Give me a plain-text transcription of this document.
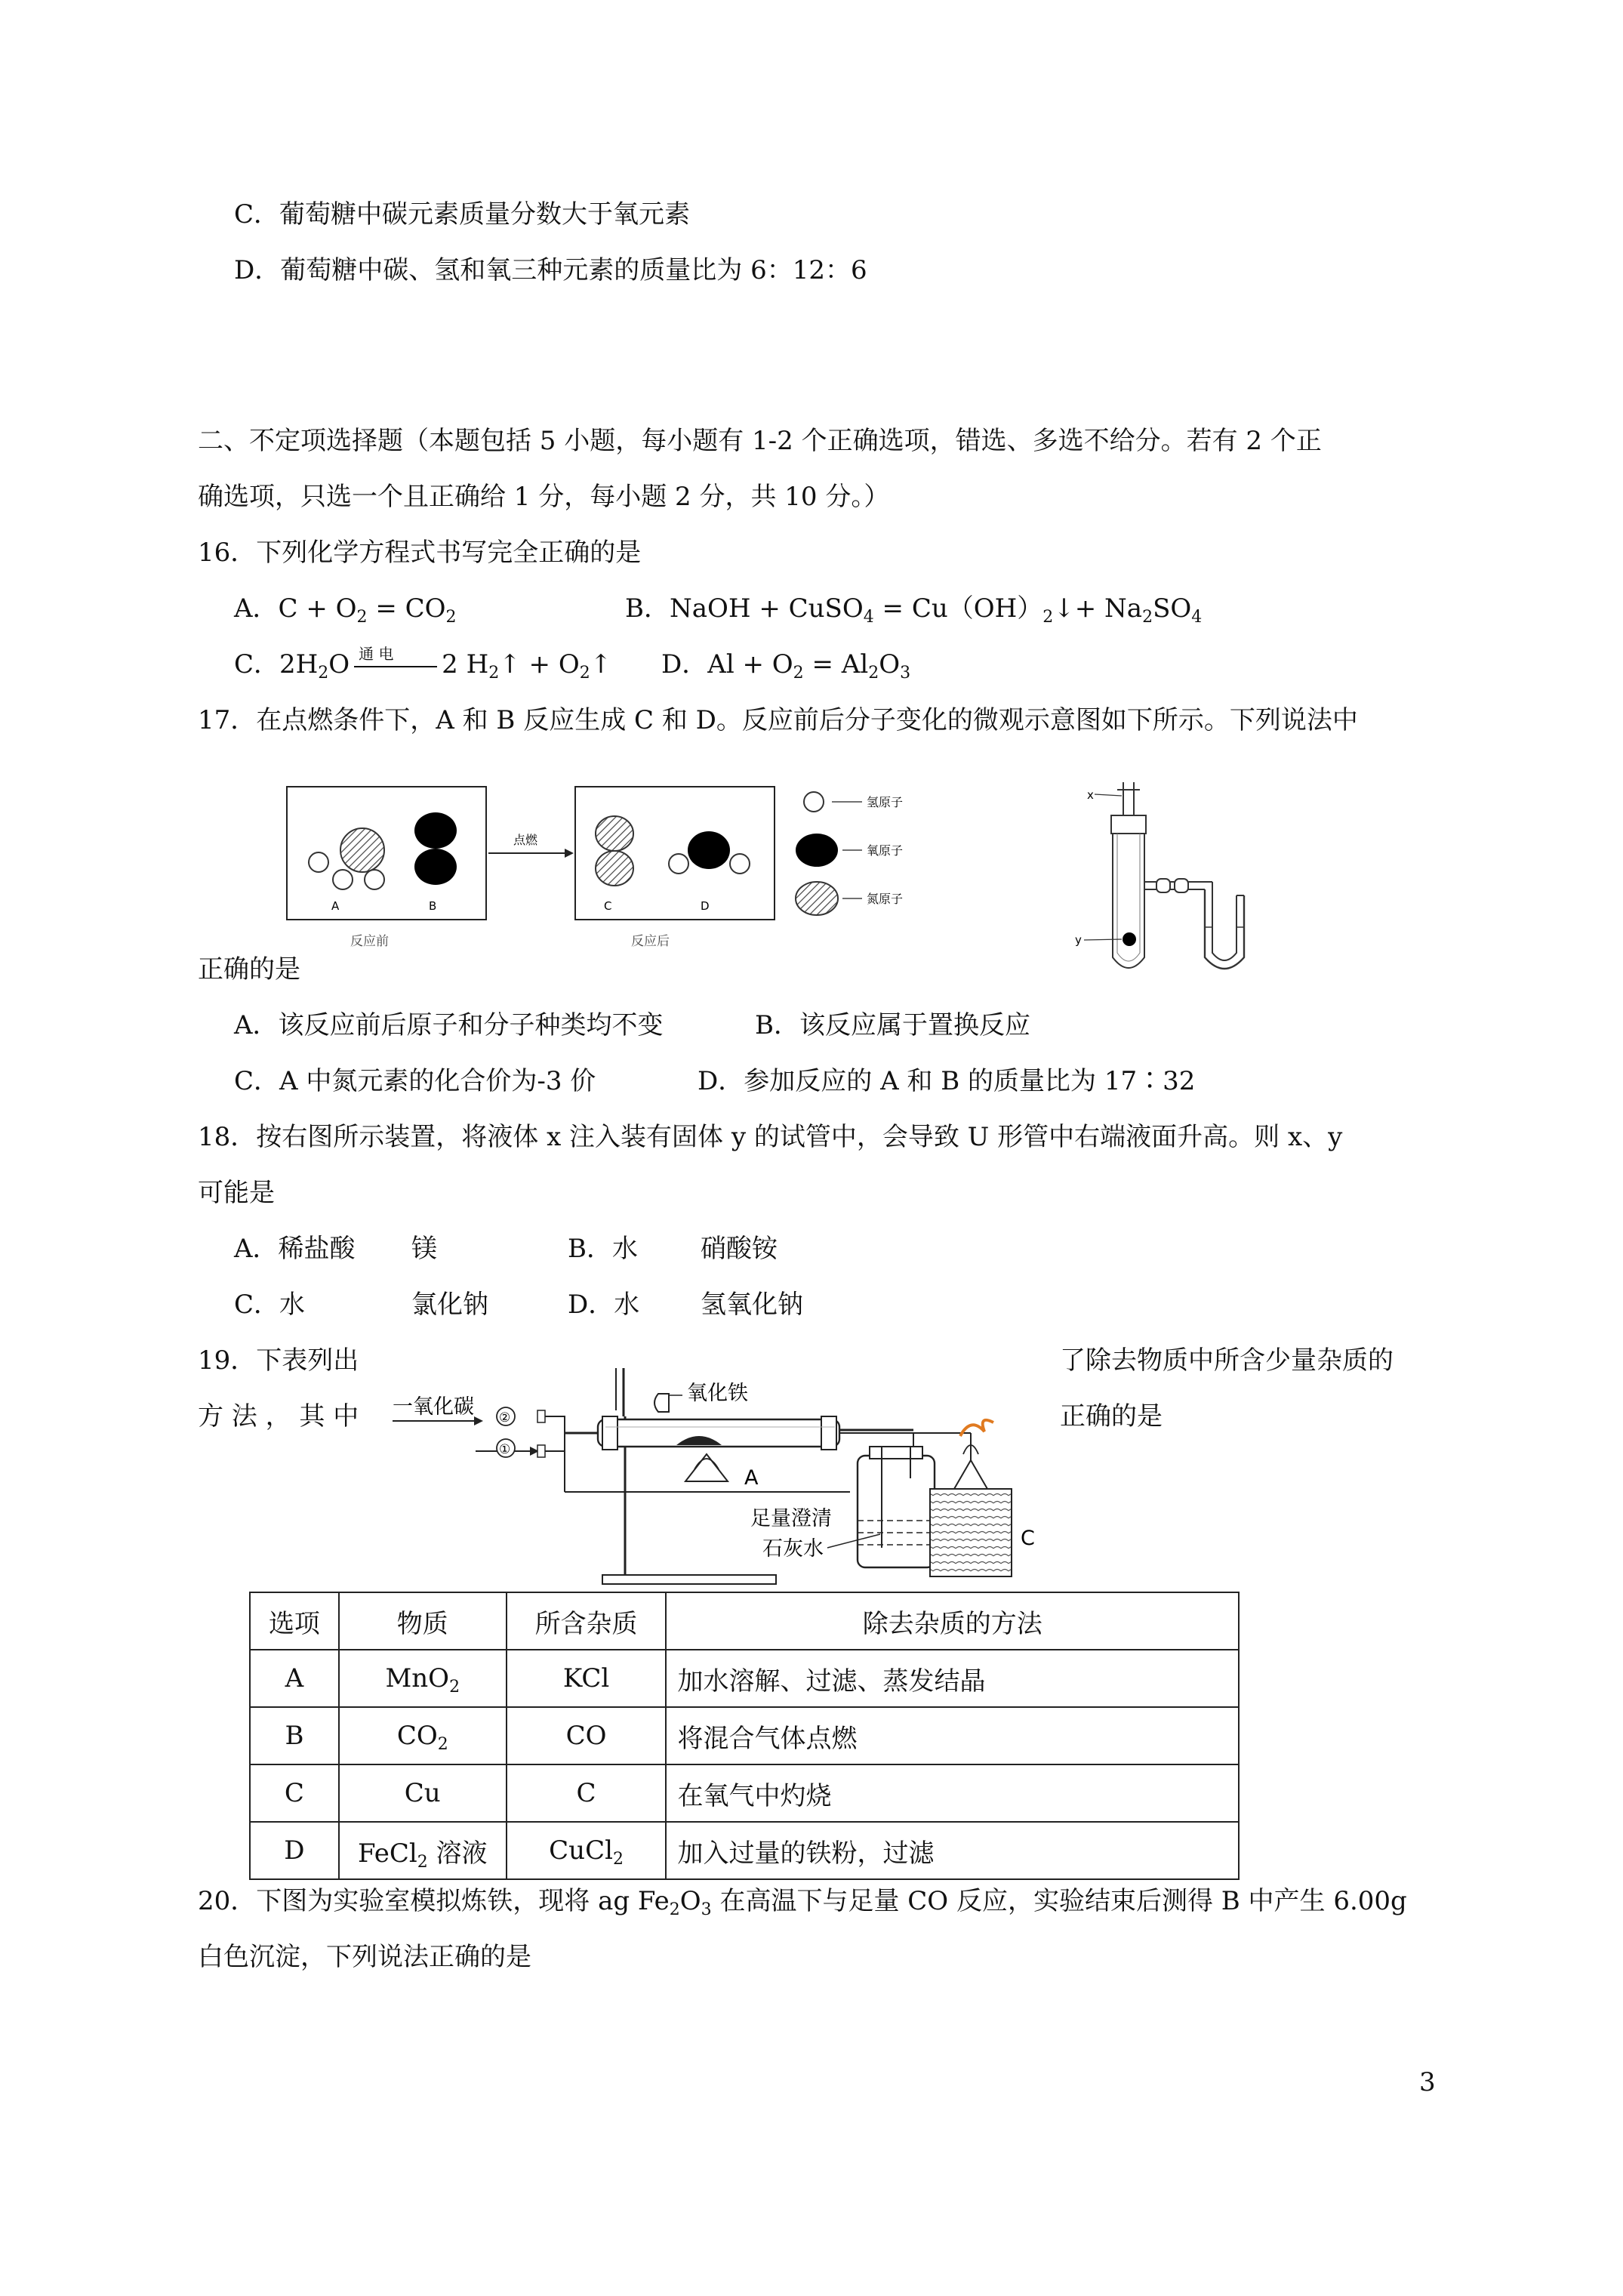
C．葡萄糖中碳元素质量分数大于氧元素
D．葡萄糖中碳、氢和氧三种元素的质量比为 6：12：6
二、不定项选择题（本题包括 5 小题，每小题有 1-2 个正确选项，错选、多选不给分。若有 2 个正
确选项，只选一个且正确给 1 分，每小题 2 分，共 10 分。）
16．下列化学方程式书写完全正确的是
A．$C + O_2 = CO_2$	B．NaOH + CuSO$_4$ = $Cu(OH)_2↓+ Na_2SO_4$
C．$2H_2O$ 通 电 2 $H_2↑$ + $O_2↑$ D．$Al + O_2 = Al_2O_3$
17．在点燃条件下，A 和 B 反应生成 C 和 D。反应前后分子变化的微观示意图如下所示。下列说法中
A	B
反应前
点燃
C	D
反应后
氢原子
氧原子
氮原子
x
y
正确的是
A．该反应前后原子和分子种类均不变	B．该反应属于置换反应
C．A 中氮元素的化合价为-3 价	D．参加反应的 A 和 B 的质量比为 17∶32
18．按右图所示装置，将液体 x 注入装有固体 y 的试管中，会导致 U 形管中右端液面升高。则 x、y
可能是
A．稀盐酸 镁	B．水 硝酸铵
C．水	氯化钠	D．水 氢氧化钠
19．下表列出	了除去物质中所含少量杂质的
方 法 ， 其 中	正确的是
一氧化碳 ②
①
氧化铁
A
足量澄清
石灰水	C
选项	物质	所含杂质	除去杂质的方法
A	MnO$_2$	KCl	加水溶解、过滤、蒸发结晶
B	$CO_2$	CO	将混合气体点燃
C	Cu	C	在氧气中灼烧
D	FeCl$_2$ 溶液	CuCl$_2$	加入过量的铁粉，过滤
20．下图为实验室模拟炼铁，现将 ag $Fe_2O_3$ 在高温下与足量 CO 反应，实验结束后测得 B 中产生 6.00g
白色沉淀，下列说法正确的是
3
